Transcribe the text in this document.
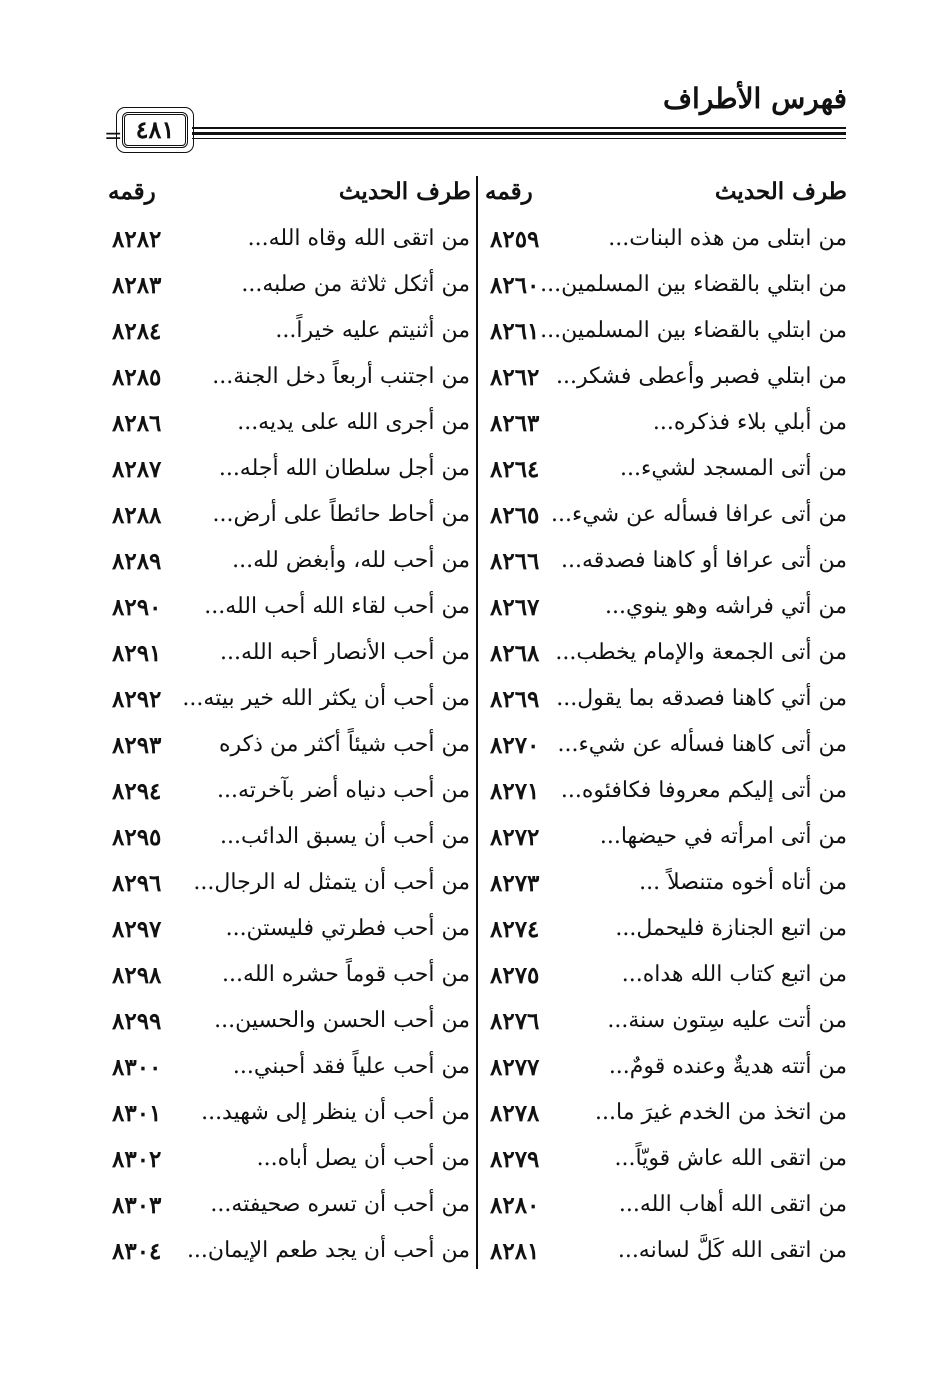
فهرس الأطراف
= ٤٨١
طرف الحديث
رقمه
طرف الحديث
رقمه
من ابتلى من هذه البنات...
٨٢٥٩
من ابتلي بالقضاء بين المسلمين...
٨٢٦٠
من ابتلي بالقضاء بين المسلمين...
٨٢٦١
من ابتلي فصبر وأعطى فشكر...
٨٢٦٢
من أبلي بلاء فذكره...
٨٢٦٣
من أتى المسجد لشيء...
٨٢٦٤
من أتى عرافا فسأله عن شيء...
٨٢٦٥
من أتى عرافا أو كاهنا فصدقه...
٨٢٦٦
من أتي فراشه وهو ينوي...
٨٢٦٧
من أتى الجمعة والإمام يخطب...
٨٢٦٨
من أتي كاهنا فصدقه بما يقول...
٨٢٦٩
من أتى كاهنا فسأله عن شيء...
٨٢٧٠
من أتى إليكم معروفا فكافئوه...
٨٢٧١
من أتى امرأته في حيضها...
٨٢٧٢
من أتاه أخوه متنصلاً ...
٨٢٧٣
من اتبع الجنازة فليحمل...
٨٢٧٤
من اتبع كتاب الله هداه...
٨٢٧٥
من أتت عليه سِتون سنة...
٨٢٧٦
من أتته هديةٌ وعنده قومٌ...
٨٢٧٧
من اتخذ من الخدم غيرَ ما...
٨٢٧٨
من اتقى الله عاش قويّاً...
٨٢٧٩
من اتقى الله أهاب الله...
٨٢٨٠
من اتقى الله كَلَّ لسانه...
٨٢٨١
من اتقى الله وقاه الله...
٨٢٨٢
من أثكل ثلاثة من صلبه...
٨٢٨٣
من أثنيتم عليه خيراً...
٨٢٨٤
من اجتنب أربعاً دخل الجنة...
٨٢٨٥
من أجرى الله على يديه...
٨٢٨٦
من أجل سلطان الله أجله...
٨٢٨٧
من أحاط حائطاً على أرض...
٨٢٨٨
من أحب لله، وأبغض لله...
٨٢٨٩
من أحب لقاء الله أحب الله...
٨٢٩٠
من أحب الأنصار أحبه الله...
٨٢٩١
من أحب أن يكثر الله خير بيته...
٨٢٩٢
من أحب شيئاً أكثر من ذكره
٨٢٩٣
من أحب دنياه أضر بآخرته...
٨٢٩٤
من أحب أن يسبق الدائب...
٨٢٩٥
من أحب أن يتمثل له الرجال...
٨٢٩٦
من أحب فطرتي فليستن...
٨٢٩٧
من أحب قوماً حشره الله...
٨٢٩٨
من أحب الحسن والحسين...
٨٢٩٩
من أحب علياً فقد أحبني...
٨٣٠٠
من أحب أن ينظر إلى شهيد...
٨٣٠١
من أحب أن يصل أباه...
٨٣٠٢
من أحب أن تسره صحيفته...
٨٣٠٣
من أحب أن يجد طعم الإيمان...
٨٣٠٤
